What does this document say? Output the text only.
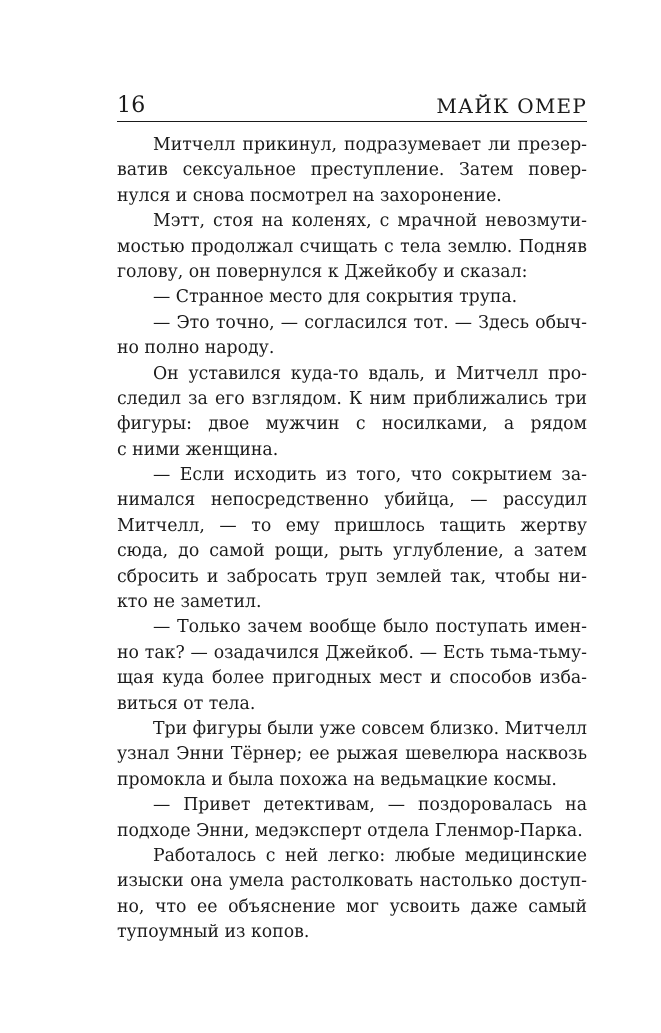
16	МАЙК ОМЕР
Митчелл прикинул, подразумевает ли презер-
ватив сексуальное преступление. Затем повер-
нулся и снова посмотрел на захоронение.
Мэтт, стоя на коленях, с мрачной невозмути-
мостью продолжал счищать с тела землю. Подняв
голову, он повернулся к Джейкобу и сказал:
— Странное место для сокрытия трупа.
— Это точно, — согласился тот. — Здесь обыч-
но полно народу.
Он уставился куда-то вдаль, и Митчелл про-
следил за его взглядом. К ним приближались три
фигуры: двое мужчин с носилками, а рядом
с ними женщина.
— Если исходить из того, что сокрытием за-
нимался непосредственно убийца, — рассудил
Митчелл, — то ему пришлось тащить жертву
сюда, до самой рощи, рыть углубление, а затем
сбросить и забросать труп землей так, чтобы ни-
кто не заметил.
— Только зачем вообще было поступать имен-
но так? — озадачился Джейкоб. — Есть тьма-тьму-
щая куда более пригодных мест и способов изба-
виться от тела.
Три фигуры были уже совсем близко. Митчелл
узнал Энни Тёрнер; ее рыжая шевелюра насквозь
промокла и была похожа на ведьмацкие космы.
— Привет детективам, — поздоровалась на
подходе Энни, медэксперт отдела Гленмор-Парка.
Работалось с ней легко: любые медицинские
изыски она умела растолковать настолько доступ-
но, что ее объяснение мог усвоить даже самый
тупоумный из копов.
